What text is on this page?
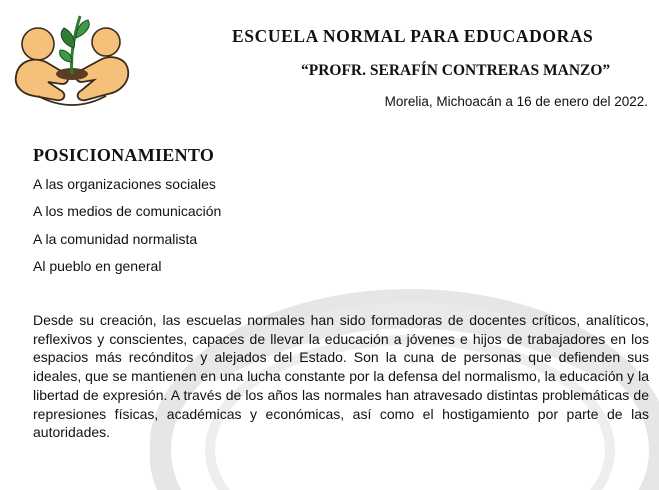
ESCUELA NORMAL PARA EDUCADORAS
“PROFR. SERAFÍN CONTRERAS MANZO”
Morelia, Michoacán a 16 de enero del 2022.
POSICIONAMIENTO
A las organizaciones sociales
A los medios de comunicación
A la comunidad normalista
Al pueblo en general

Desde su creación, las escuelas normales han sido formadoras de docentes críticos, analíticos, reflexivos y conscientes, capaces de llevar la educación a jóvenes e hijos de trabajadores en los espacios más recónditos y alejados del Estado. Son la cuna de personas que defienden sus ideales, que se mantienen en una lucha constante por la defensa del normalismo, la educación y la libertad de expresión. A través de los años las normales han atravesado distintas problemáticas de represiones físicas, académicas y económicas, así como el hostigamiento por parte de las autoridades.
